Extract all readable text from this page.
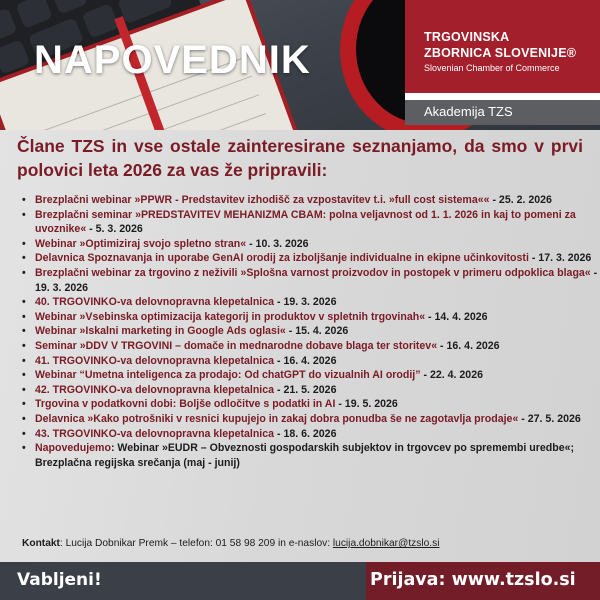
NAPOVEDNIK
TRGOVINSKA
ZBORNICA SLOVENIJE®
Slovenian Chamber of Commerce
Akademija TZS
Člane TZS in vse ostale zainteresirane seznanjamo, da smo v prvi polovici leta 2026 za vas že pripravili:
• Brezplačni webinar »PPWR - Predstavitev izhodišč za vzpostavitev t.i. »full cost sistema«« - 25. 2. 2026
• Brezplačni seminar »PREDSTAVITEV MEHANIZMA CBAM: polna veljavnost od 1. 1. 2026 in kaj to pomeni za uvoznike« - 5. 3. 2026
• Webinar »Optimiziraj svojo spletno stran« - 10. 3. 2026
• Delavnica Spoznavanja in uporabe GenAI orodij za izboljšanje individualne in ekipne učinkovitosti - 17. 3. 2026
• Brezplačni webinar za trgovino z neživili »Splošna varnost proizvodov in postopek v primeru odpoklica blaga« - 19. 3. 2026
• 40. TRGOVINKO-va delovnopravna klepetalnica - 19. 3. 2026
• Webinar »Vsebinska optimizacija kategorij in produktov v spletnih trgovinah« - 14. 4. 2026
• Webinar »Iskalni marketing in Google Ads oglasi« - 15. 4. 2026
• Seminar »DDV V TRGOVINI – domače in mednarodne dobave blaga ter storitev« - 16. 4. 2026
• 41. TRGOVINKO-va delovnopravna klepetalnica - 16. 4. 2026
• Webinar “Umetna inteligenca za prodajo: Od chatGPT do vizualnih AI orodij” - 22. 4. 2026
• 42. TRGOVINKO-va delovnopravna klepetalnica - 21. 5. 2026
• Trgovina v podatkovni dobi: Boljše odločitve s podatki in AI - 19. 5. 2026
• Delavnica »Kako potrošniki v resnici kupujejo in zakaj dobra ponudba še ne zagotavlja prodaje« - 27. 5. 2026
• 43. TRGOVINKO-va delovnopravna klepetalnica - 18. 6. 2026
• Napovedujemo: Webinar »EUDR – Obveznosti gospodarskih subjektov in trgovcev po spremembi uredbe«; Brezplačna regijska srečanja (maj - junij)
Kontakt: Lucija Dobnikar Premk – telefon: 01 58 98 209 in e-naslov: lucija.dobnikar@tzslo.si
Vabljeni!	Prijava: www.tzslo.si
